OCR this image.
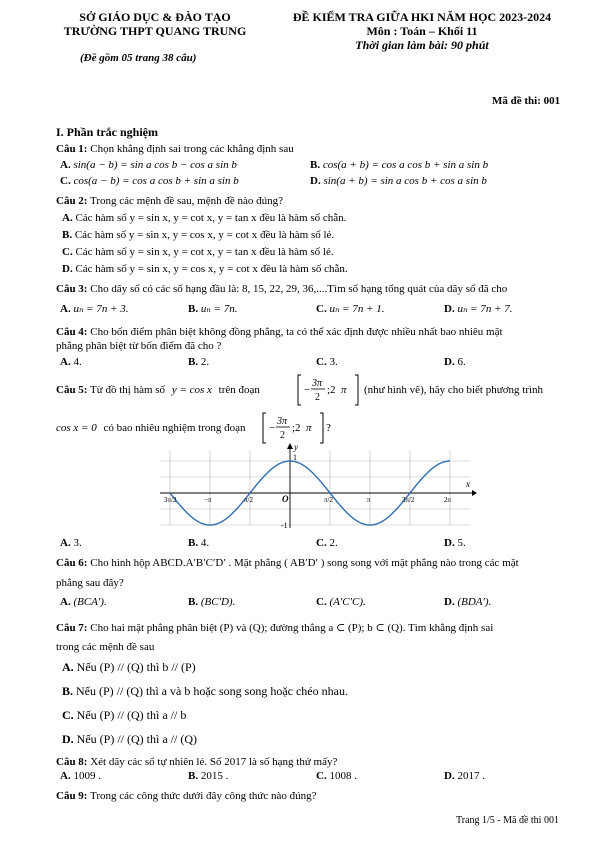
SỞ GIÁO DỤC & ĐÀO TẠO
TRƯỜNG THPT QUANG TRUNG
(Đề gồm 05 trang 38 câu)
ĐỀ KIỂM TRA GIỮA HKI NĂM HỌC 2023-2024
Môn : Toán – Khối 11
Thời gian làm bài: 90 phút
Mã đề thi: 001
I. Phần trắc nghiệm
Câu 1: Chọn khẳng định sai trong các khẳng định sau
A. sin(a − b) = sin a cos b − cos a sin b	B. cos(a + b) = cos a cos b + sin a sin b
C. cos(a − b) = cos a cos b + sin a sin b	D. sin(a + b) = sin a cos b + cos a sin b
Câu 2: Trong các mệnh đề sau, mệnh đề nào đúng?
A. Các hàm số y = sin x, y = cot x, y = tan x đều là hàm số chẵn.
B. Các hàm số y = sin x, y = cos x, y = cot x đều là hàm số lẻ.
C. Các hàm số y = sin x, y = cot x, y = tan x đều là hàm số lẻ.
D. Các hàm số y = sin x, y = cos x, y = cot x đều là hàm số chẵn.
Câu 3: Cho dãy số có các số hạng đầu là: 8, 15, 22, 29, 36,....Tìm số hạng tổng quát của dãy số đã cho
A. uₙ = 7n + 3.	B. uₙ = 7n.	C. uₙ = 7n + 1.	D. uₙ = 7n + 7.
Câu 4: Cho bốn điểm phân biệt không đồng phẳng, ta có thể xác định được nhiều nhất bao nhiêu mặt
phẳng phân biệt từ bốn điểm đã cho ?
A. 4.	B. 2.	C. 3.	D. 6.
Câu 5: Từ đồ thị hàm số y = cos x trên đoạn	−
3π
2
;2 π (như hình vẽ), hãy cho biết phương trình
cos x = 0 có bao nhiêu nghiệm trong đoạn −
3π
2
;2 π ?
x
y
1
-1
O
3π/2	−π	π/2	π/2	π	3π/2	2π
A. 3.	B. 4.	C. 2.	D. 5.
Câu 6: Cho hình hộp ABCD.A′B′C′D′ . Mặt phẳng ( AB′D′ ) song song với mặt phẳng nào trong các mặt
phẳng sau đây?
A. (BCA′).	B. (BC′D).	C. (A′C′C).	D. (BDA′).
Câu 7: Cho hai mặt phẳng phân biệt (P) và (Q); đường thẳng a ⊂ (P); b ⊂ (Q). Tìm khẳng định sai
trong các mệnh đề sau
A. Nếu (P) // (Q) thì b // (P)
B. Nếu (P) // (Q) thì a và b hoặc song song hoặc chéo nhau.
C. Nếu (P) // (Q) thì a // b
D. Nếu (P) // (Q) thì a // (Q)
Câu 8: Xét dãy các số tự nhiên lẻ. Số 2017 là số hạng thứ mấy?
A. 1009 .	B. 2015 .	C. 1008 .	D. 2017 .
Câu 9: Trong các công thức dưới đây công thức nào đúng?
Trang 1/5 - Mã đề thi 001
